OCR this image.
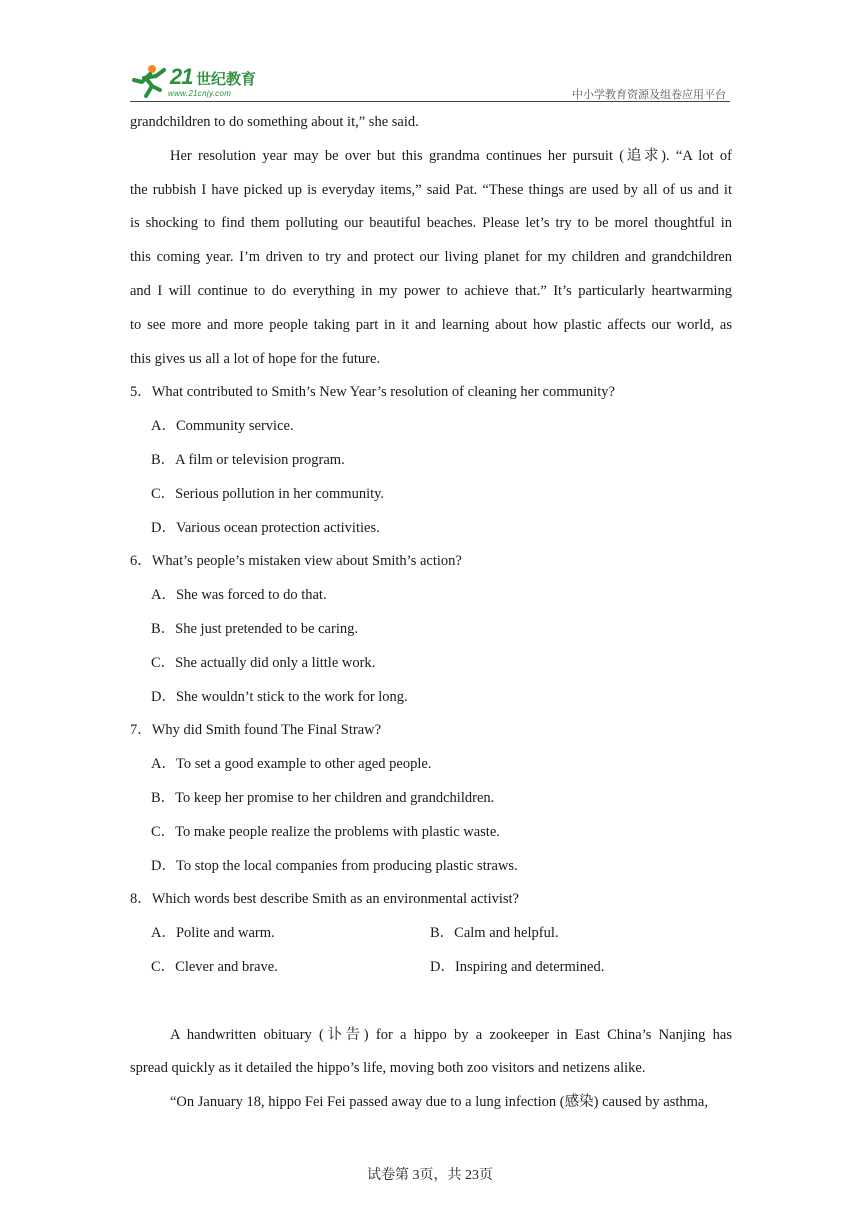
21 世纪教育
www.21cnjy.com	中小学教育资源及组卷应用平台
grandchildren to do something about it,” she said.
Her resolution year may be over but this grandma continues her pursuit (追求). “A lot of
the rubbish I have picked up is everyday items,” said Pat. “These things are used by all of us and it
is shocking to find them polluting our beautiful beaches. Please let’s try to be morel thoughtful in
this coming year. I’m driven to try and protect our living planet for my children and grandchildren
and I will continue to do everything in my power to achieve that.” It’s particularly heartwarming
to see more and more people taking part in it and learning about how plastic affects our world, as
this gives us all a lot of hope for the future.
5．What contributed to Smith’s New Year’s resolution of cleaning her community?
A．Community service.
B．A film or television program.
C．Serious pollution in her community.
D．Various ocean protection activities.
6．What’s people’s mistaken view about Smith’s action?
A．She was forced to do that.
B．She just pretended to be caring.
C．She actually did only a little work.
D．She wouldn’t stick to the work for long.
7．Why did Smith found The Final Straw?
A．To set a good example to other aged people.
B．To keep her promise to her children and grandchildren.
C．To make people realize the problems with plastic waste.
D．To stop the local companies from producing plastic straws.
8．Which words best describe Smith as an environmental activist?
A．Polite and warm.	B．Calm and helpful.
C．Clever and brave.	D．Inspiring and determined.
A handwritten obituary (讣告) for a hippo by a zookeeper in East China’s Nanjing has
spread quickly as it detailed the hippo’s life, moving both zoo visitors and netizens alike.
“On January 18, hippo Fei Fei passed away due to a lung infection (感染) caused by asthma,
试卷第 3页，共 23页
